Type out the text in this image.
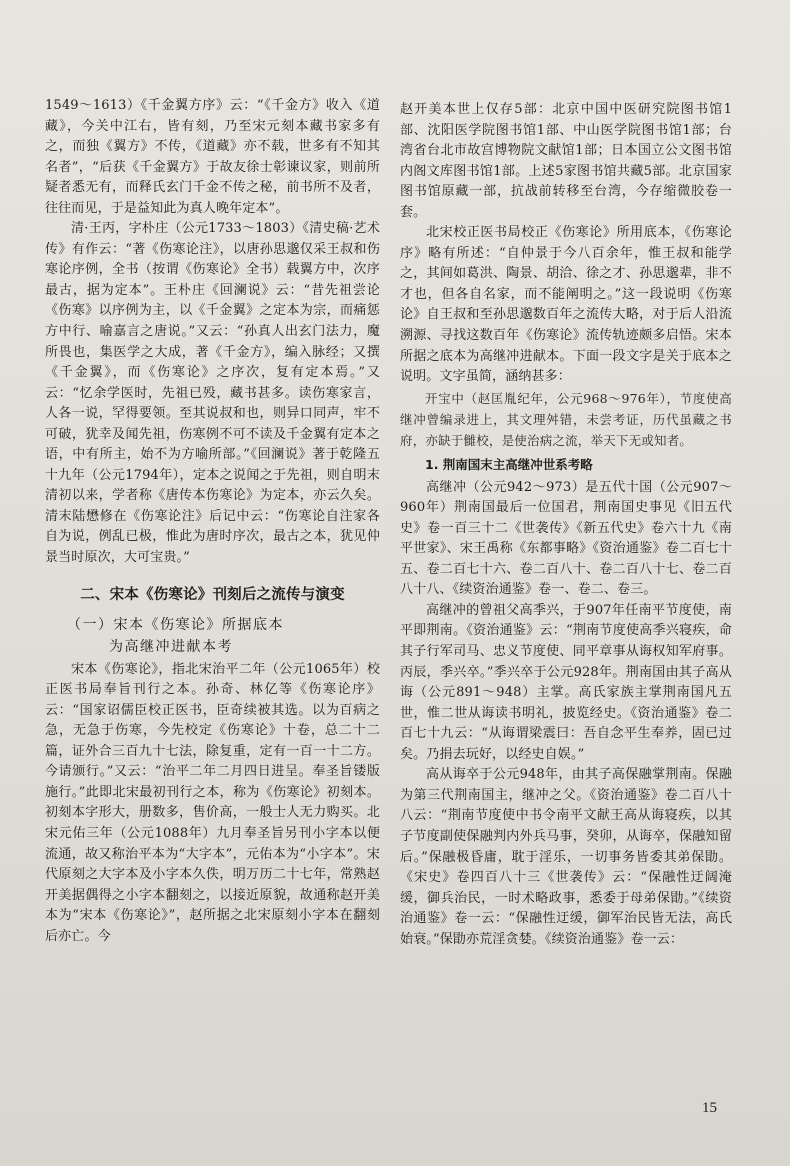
1549～1613）《千金翼方序》云：“《千金方》收入《道藏》，今关中江右，皆有刻，乃至宋元刻本藏书家多有之，而独《翼方》不传，《道藏》亦不载，世多有不知其名者”，“后获《千金翼方》于故友徐士彰谏议家，则前所疑者悉无有，而释氏玄门千金不传之秘，前书所不及者，往往而见，于是益知此为真人晚年定本”。

清·王丙，字朴庄（公元1733～1803）《清史稿·艺术传》有作云：“著《伤寒论注》，以唐孙思邈仅采王叔和伤寒论序例，全书（按谓《伤寒论》全书）载翼方中，次序最古，据为定本”。王朴庄《回澜说》云：“昔先祖尝论《伤寒》以序例为主，以《千金翼》之定本为宗，而痛惩方中行、喻嘉言之唐说。”又云：“孙真人出玄门法力，魔所畏也，集医学之大成，著《千金方》，编入脉经；又撰《千金翼》，而《伤寒论》之序次，复有定本焉。”又云：“忆余学医时，先祖已殁，藏书甚多。读伤寒家言，人各一说，罕得要领。至其说叔和也，则异口同声，牢不可破，犹幸及闻先祖，伤寒例不可不读及千金翼有定本之语，中有所主，始不为方喻所部。”《回澜说》著于乾隆五十九年（公元1794年），定本之说闻之于先祖，则自明末清初以来，学者称《唐传本伤寒论》为定本，亦云久矣。清末陆懋修在《伤寒论注》后记中云：“伤寒论自注家各自为说，例乱已极，惟此为唐时序次，最古之本，犹见仲景当时原次，大可宝贵。”

二、宋本《伤寒论》刊刻后之流传与演变
（一）宋本《伤寒论》所据底本
为高继冲进献本考

宋本《伤寒论》，指北宋治平二年（公元1065年）校正医书局奉旨刊行之本。孙奇、林亿等《伤寒论序》云：“国家诏儒臣校正医书，臣奇续被其选。以为百病之急，无急于伤寒，今先校定《伤寒论》十卷，总二十二篇，证外合三百九十七法，除复重，定有一百一十二方。今请颁行。”又云：“治平二年二月四日进呈。奉圣旨镂版施行。”此即北宋最初刊行之本，称为《伤寒论》初刻本。初刻本字形大，册数多，售价高，一般士人无力购买。北宋元佑三年（公元1088年）九月奉圣旨另刊小字本以便流通，故又称治平本为“大字本”，元佑本为“小字本”。宋代原刻之大字本及小字本久佚，明万历二十七年，常熟赵开美据偶得之小字本翻刻之，以接近原貌，故通称赵开美本为“宋本《伤寒论》”，赵所据之北宋原刻小字本在翻刻后亦亡。今

赵开美本世上仅存5部：北京中国中医研究院图书馆1部、沈阳医学院图书馆1部、中山医学院图书馆1部；台湾省台北市故宫博物院文献馆1部；日本国立公文图书馆内阁文库图书馆1部。上述5家图书馆共藏5部。北京国家图书馆原藏一部，抗战前转移至台湾，今存缩微胶卷一套。

北宋校正医书局校正《伤寒论》所用底本，《伤寒论序》略有所述：“自仲景于今八百余年，惟王叔和能学之，其间如葛洪、陶景、胡洽、徐之才、孙思邈辈，非不才也，但各自名家，而不能阐明之。”这一段说明《伤寒论》自王叔和至孙思邈数百年之流传大略，对于后人沿流溯源、寻找这数百年《伤寒论》流传轨迹颇多启悟。宋本所据之底本为高继冲进献本。下面一段文字是关于底本之说明。文字虽简，涵纳甚多：

开宝中（赵匡胤纪年，公元968～976年），节度使高继冲曾编录进上，其文理舛错，未尝考证，历代虽藏之书府，亦缺于雠校，是使治病之流，举天下无或知者。

1. 荆南国末主高继冲世系考略

高继冲（公元942～973）是五代十国（公元907～960年）荆南国最后一位国君，荆南国史事见《旧五代史》卷一百三十二《世袭传》《新五代史》卷六十九《南平世家》、宋王禹称《东都事略》《资治通鉴》卷二百七十五、卷二百七十六、卷二百八十、卷二百八十七、卷二百八十八、《续资治通鉴》卷一、卷二、卷三。

高继冲的曾祖父高季兴，于907年任南平节度使，南平即荆南。《资治通鉴》云：“荆南节度使高季兴寝疾，命其子行军司马、忠义节度使、同平章事从诲权知军府事。丙辰，季兴卒。”季兴卒于公元928年。荆南国由其子高从诲（公元891～948）主掌。高氏家族主掌荆南国凡五世，惟二世从诲读书明礼，披览经史。《资治通鉴》卷二百七十九云：“从诲谓梁震曰：吾自念平生奉养，固已过矣。乃捐去玩好，以经史自娱。”

高从诲卒于公元948年，由其子高保融掌荆南。保融为第三代荆南国主，继冲之父。《资治通鉴》卷二百八十八云：“荆南节度使中书令南平文献王高从诲寝疾，以其子节度副使保融判内外兵马事，癸卯，从诲卒，保融知留后。”保融极昏庸，耽于淫乐，一切事务皆委其弟保勖。《宋史》卷四百八十三《世袭传》云：“保融性迂阔淹缓，御兵治民，一时术略政事，悉委于母弟保勖。”《续资治通鉴》卷一云：“保融性迂缓，御军治民皆无法，高氏始衰。”保勖亦荒淫贪婪。《续资治通鉴》卷一云：

15
